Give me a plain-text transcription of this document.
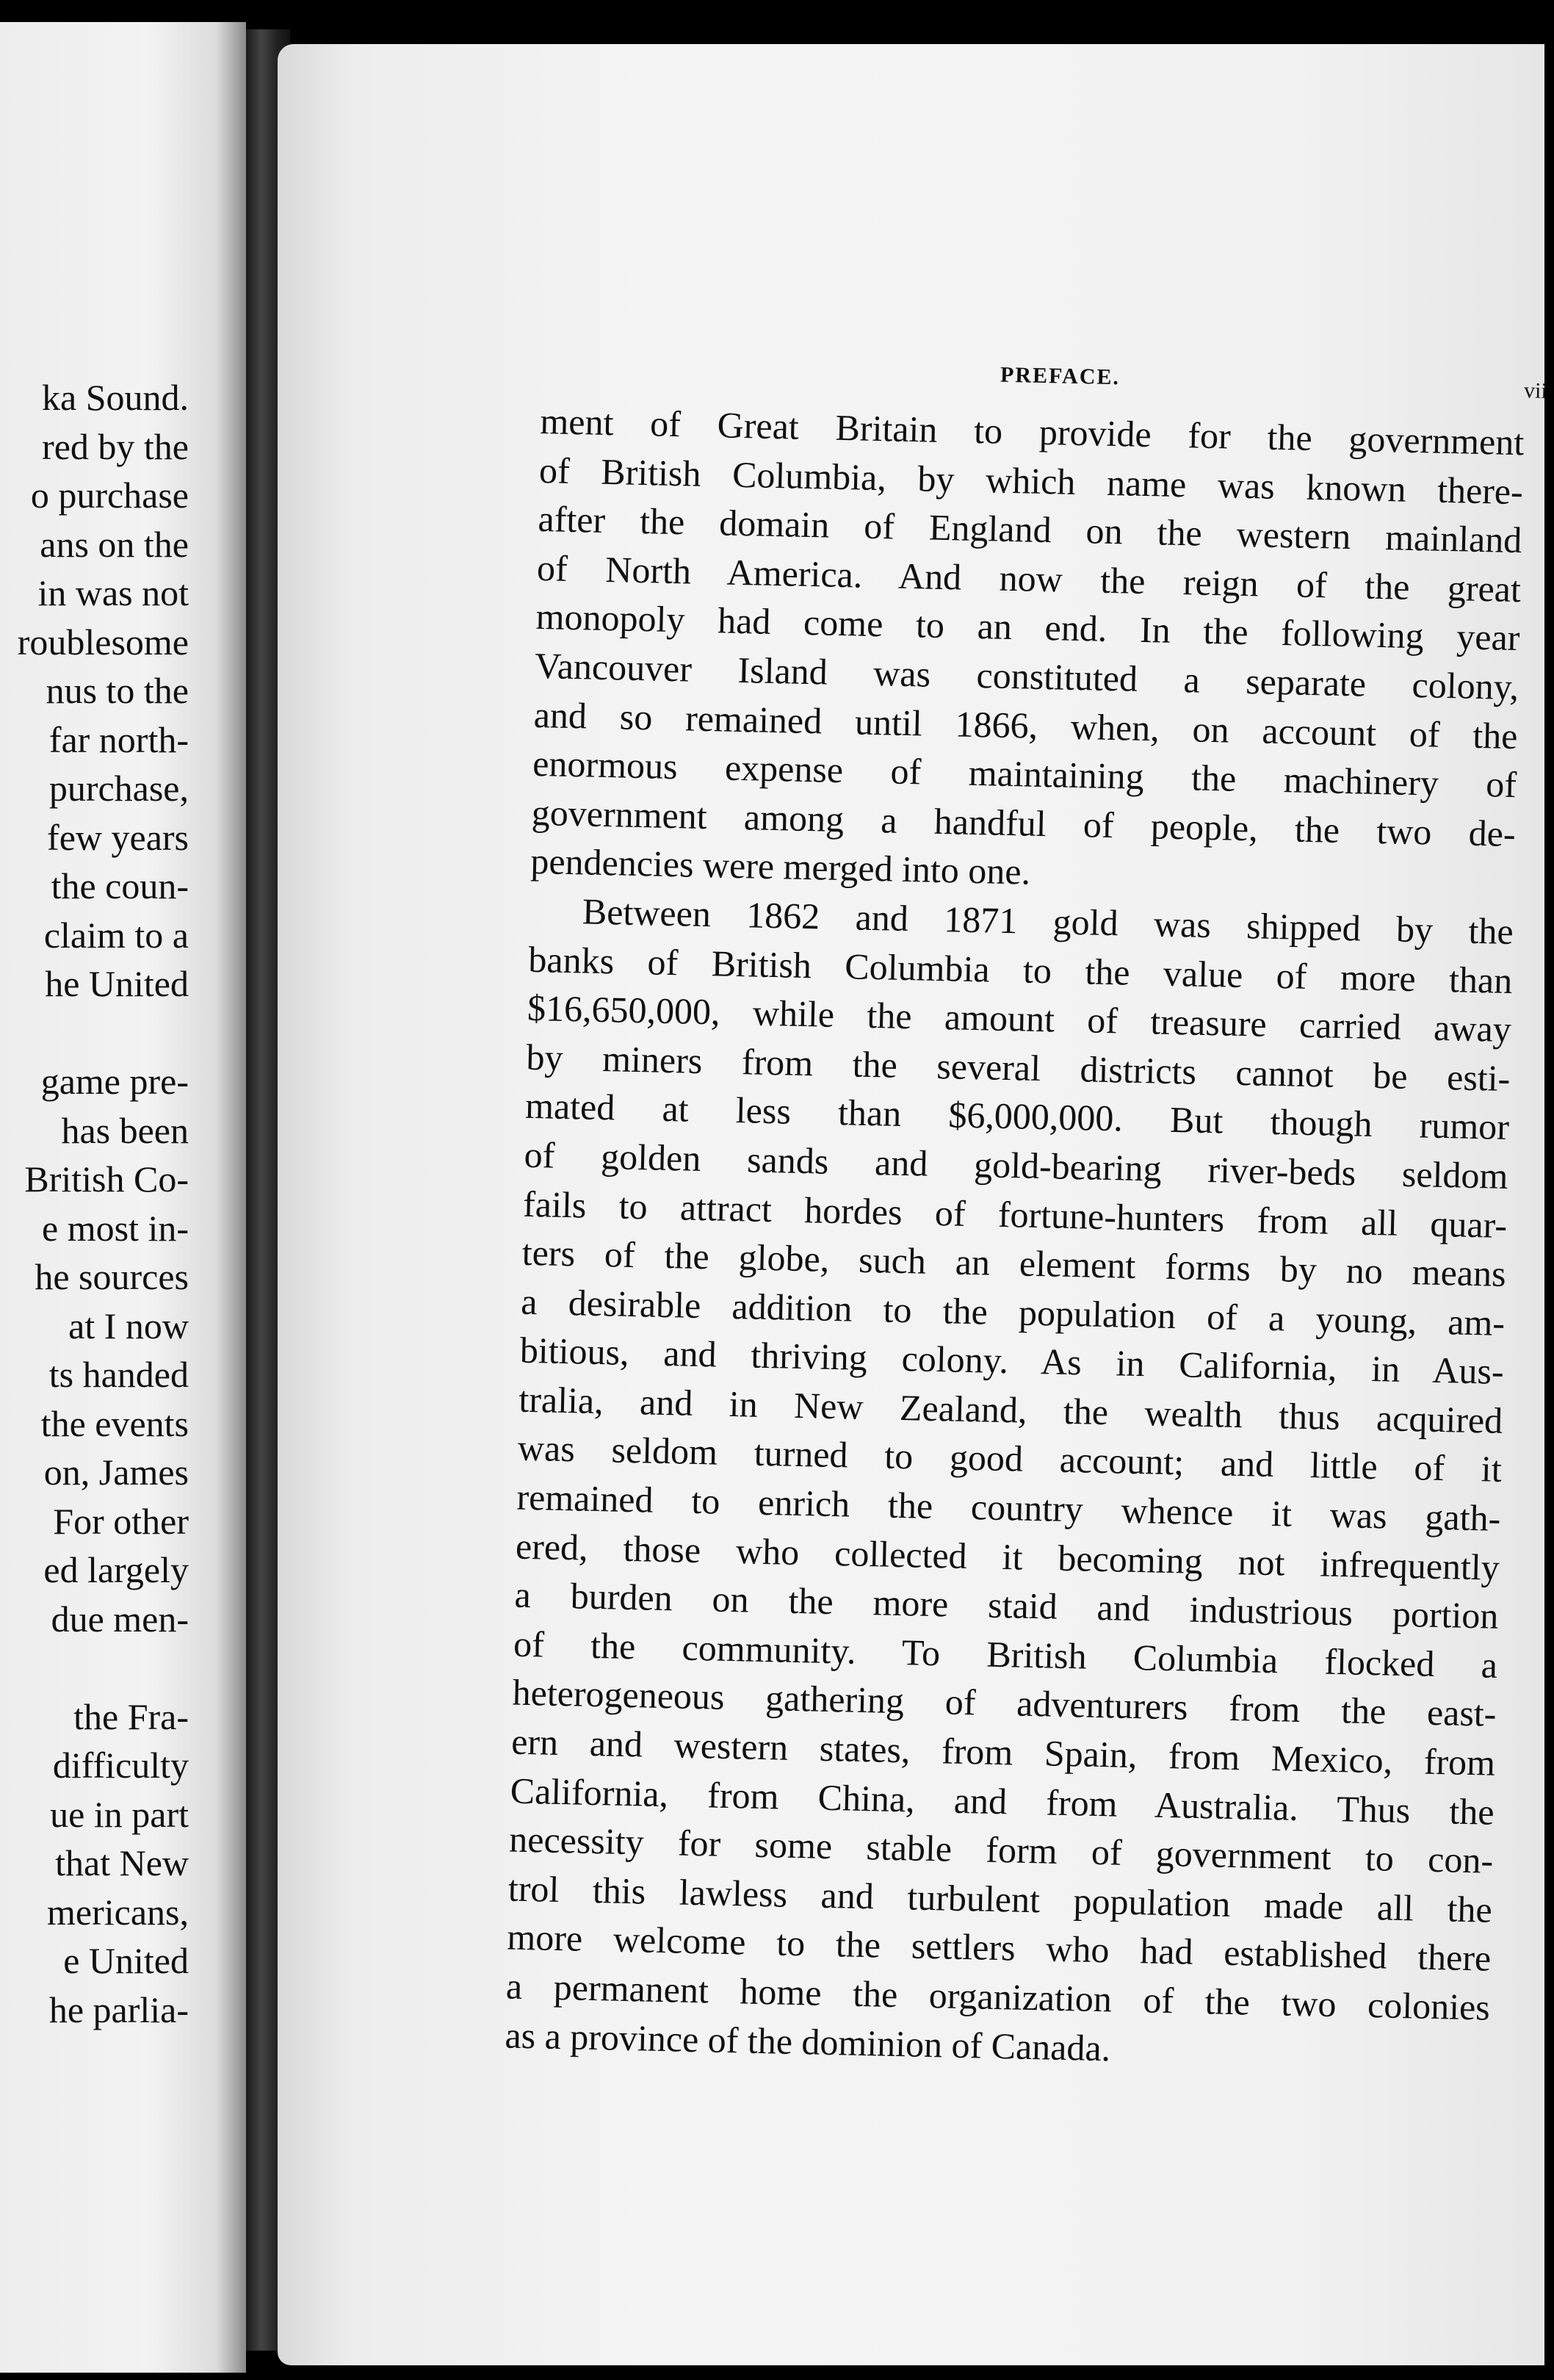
ka Sound.
red by the
o purchase
ans on the
in was not
roublesome
nus to the
far north-
purchase,
few years
the coun-
claim to a
he United
game pre-
has been
British Co-
e most in-
he sources
at I now
ts handed
the events
on, James
For other
ed largely
due men-
the Fra-
difficulty
ue in part
that New
mericans,
e United
he parlia-
PREFACE.
vii
ment of Great Britain to provide for the government
of British Columbia, by which name was known there-
after the domain of England on the western mainland
of North America. And now the reign of the great
monopoly had come to an end. In the following year
Vancouver Island was constituted a separate colony,
and so remained until 1866, when, on account of the
enormous expense of maintaining the machinery of
government among a handful of people, the two de-
pendencies were merged into one.
Between 1862 and 1871 gold was shipped by the
banks of British Columbia to the value of more than
$16,650,000, while the amount of treasure carried away
by miners from the several districts cannot be esti-
mated at less than $6,000,000. But though rumor
of golden sands and gold-bearing river-beds seldom
fails to attract hordes of fortune-hunters from all quar-
ters of the globe, such an element forms by no means
a desirable addition to the population of a young, am-
bitious, and thriving colony. As in California, in Aus-
tralia, and in New Zealand, the wealth thus acquired
was seldom turned to good account; and little of it
remained to enrich the country whence it was gath-
ered, those who collected it becoming not infrequently
a burden on the more staid and industrious portion
of the community. To British Columbia flocked a
heterogeneous gathering of adventurers from the east-
ern and western states, from Spain, from Mexico, from
California, from China, and from Australia. Thus the
necessity for some stable form of government to con-
trol this lawless and turbulent population made all the
more welcome to the settlers who had established there
a permanent home the organization of the two colonies
as a province of the dominion of Canada.
